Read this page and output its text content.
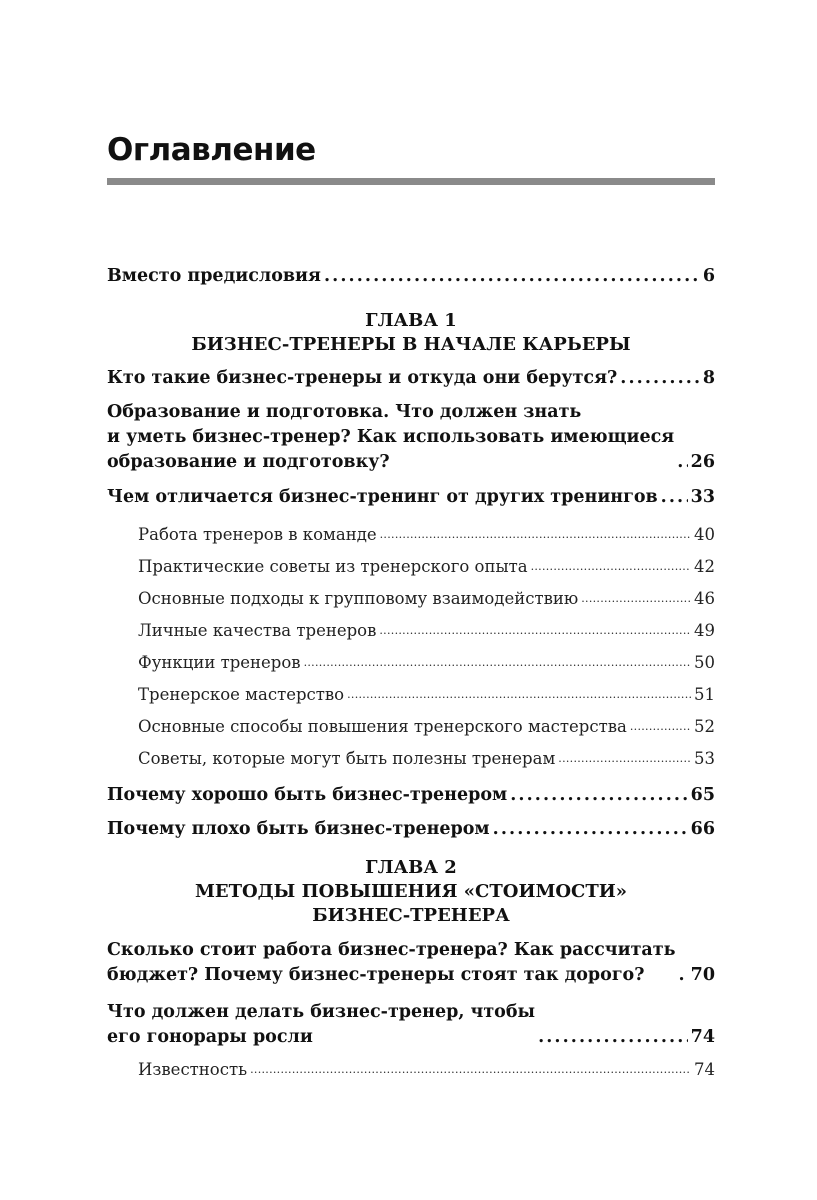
Оглавление
Вместо предисловия . . .	6
ГЛАВА 1
БИЗНЕС-ТРЕНЕРЫ В НАЧАЛЕ КАРЬЕРЫ
Кто такие бизнес-тренеры и откуда они берутся? . . .	8
Образование и подготовка. Что должен знать
и уметь бизнес-тренер? Как использовать имеющиеся
образование и подготовку? . . .	26
Чем отличается бизнес-тренинг от других тренингов . . . 33
Работа тренеров в команде . . .	40
Практические советы из тренерского опыта . . .	42
Основные подходы к групповому взаимодействию . . .	46
Личные качества тренеров . . .	49
Функции тренеров . . .	50
Тренерское мастерство . . .	51
Основные способы повышения тренерского мастерства . . .	52
Советы, которые могут быть полезны тренерам . . .	53
Почему хорошо быть бизнес-тренером . . .	65
Почему плохо быть бизнес-тренером . . .	66
ГЛАВА 2
МЕТОДЫ ПОВЫШЕНИЯ «СТОИМОСТИ»
БИЗНЕС-ТРЕНЕРА
Сколько стоит работа бизнес-тренера? Как рассчитать
бюджет? Почему бизнес-тренеры стоят так дорого? . . .	70
Что должен делать бизнес-тренер, чтобы
его гонорары росли . . .	74
Известность . . .	74
